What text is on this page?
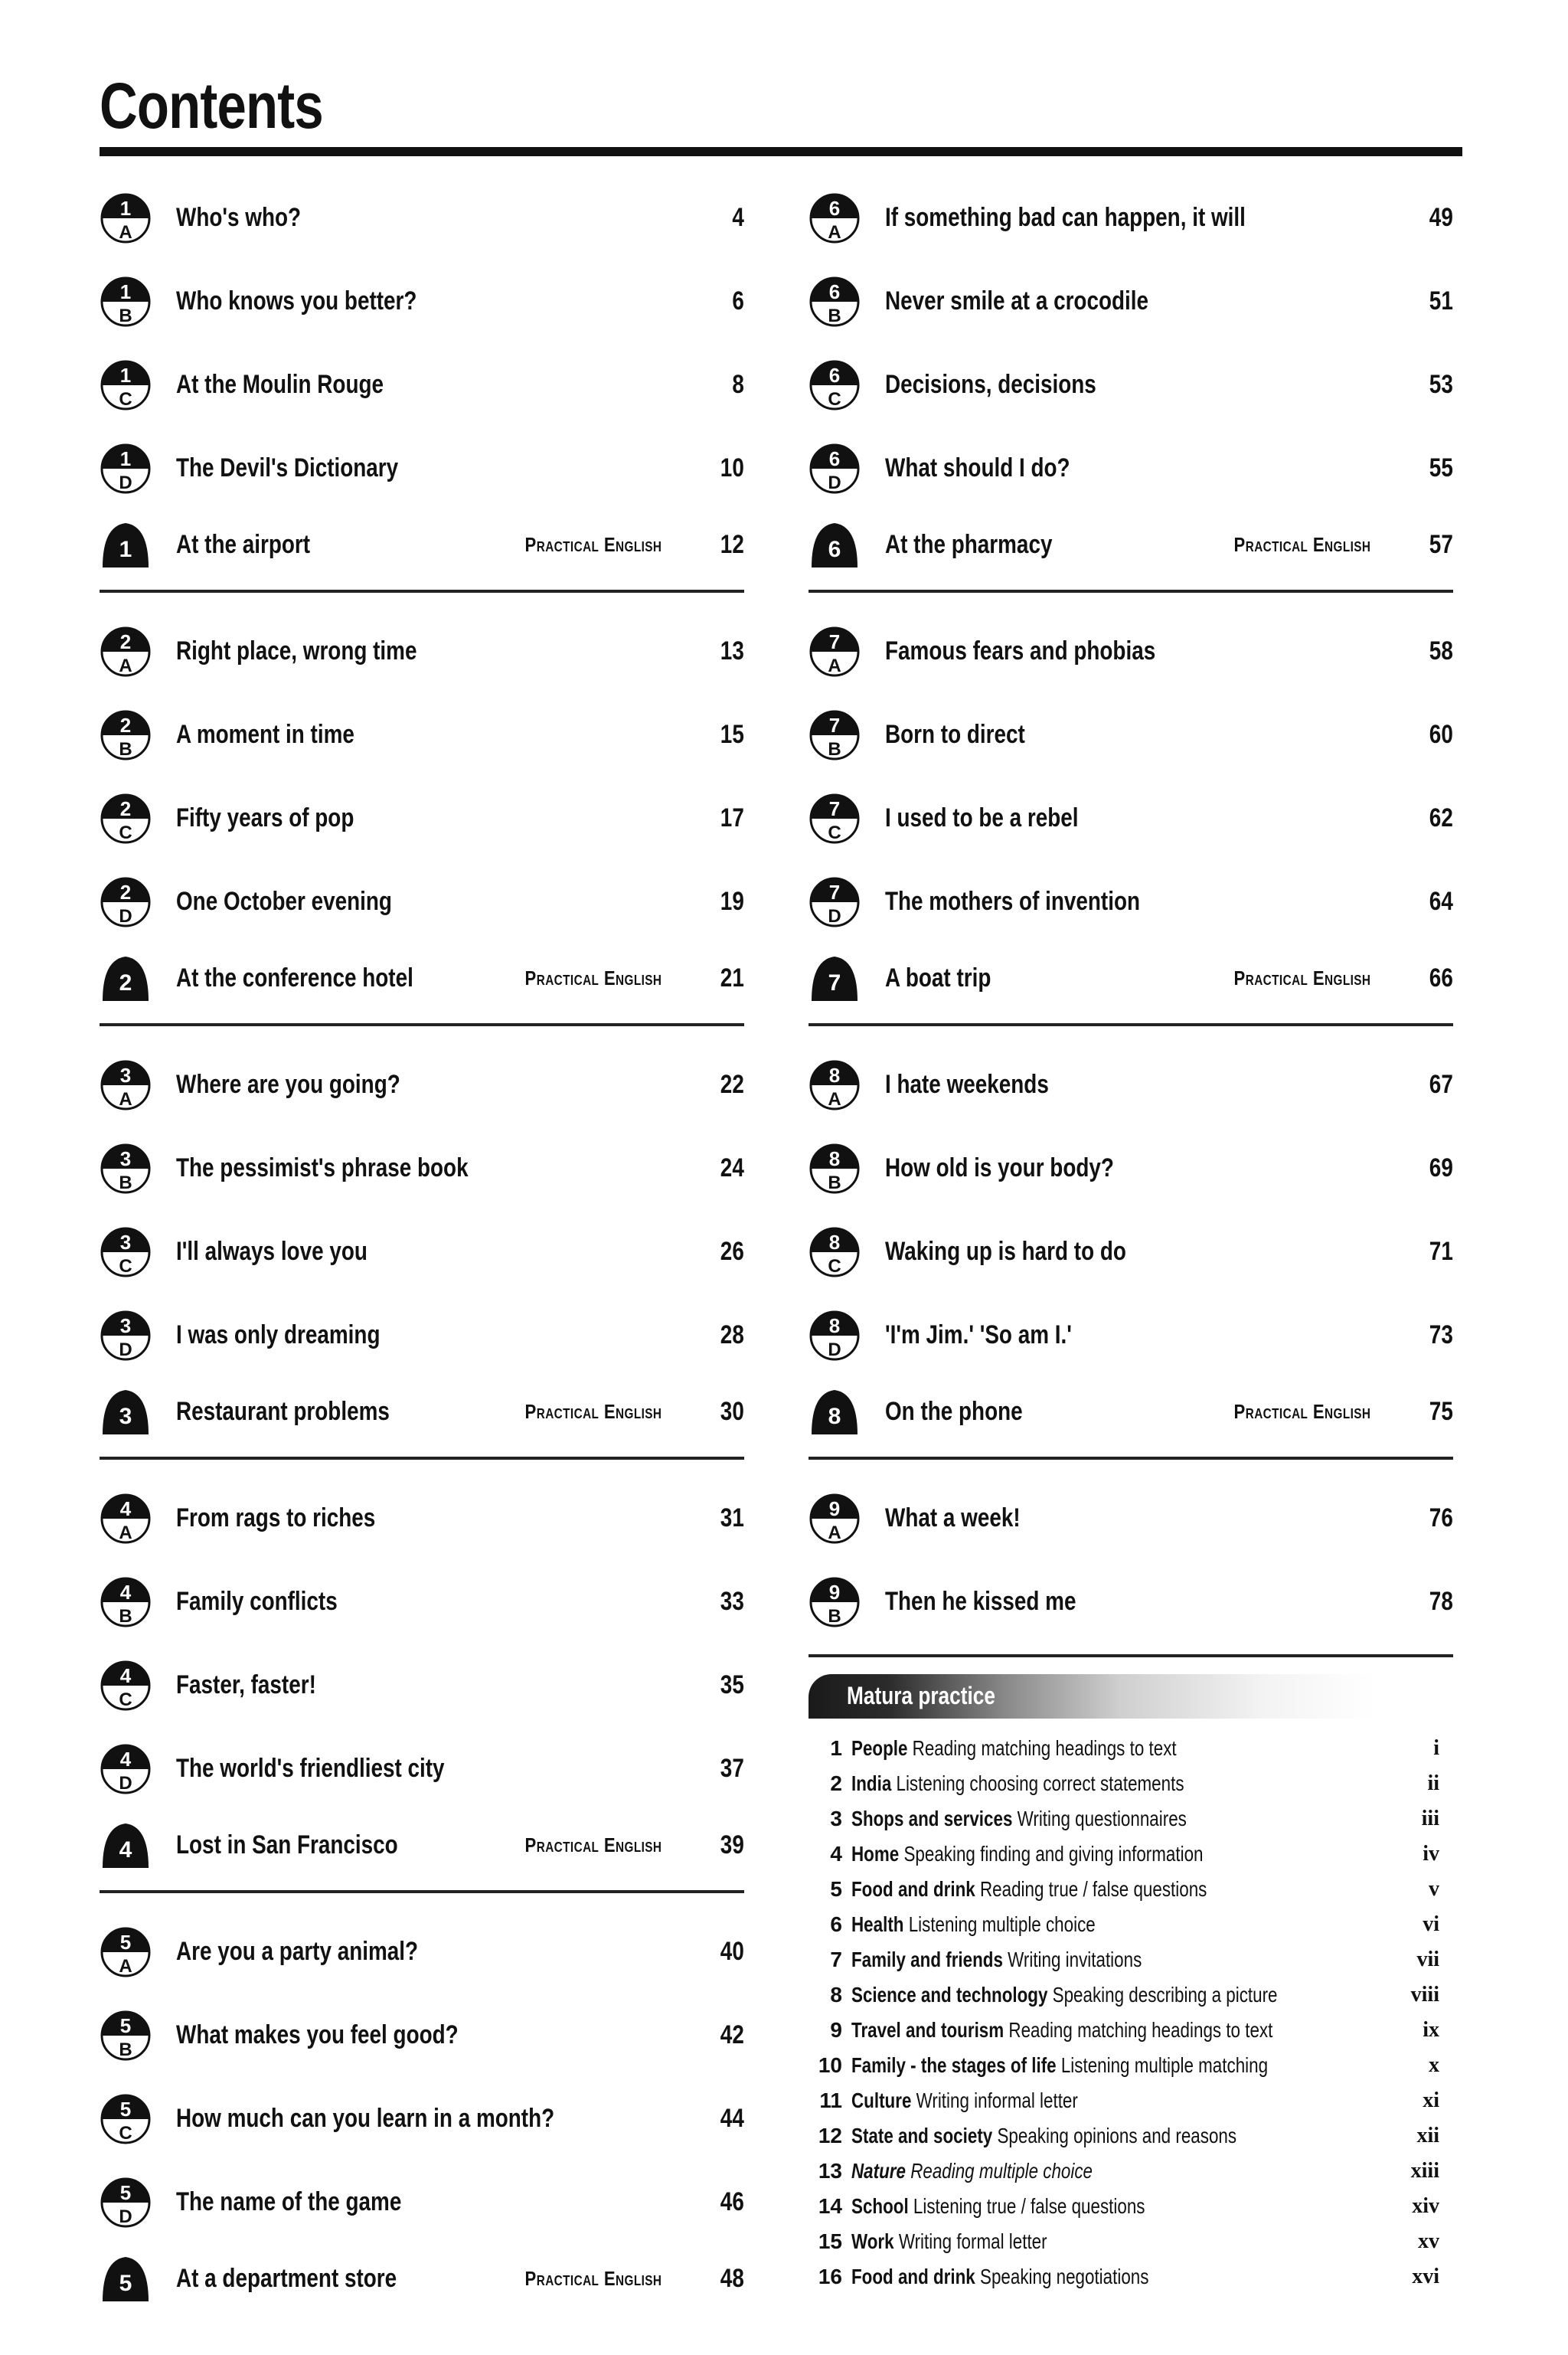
Contents
1
A Who's who?	4
1
B Who knows you better?	6
1
C At the Moulin Rouge	8
1
D The Devil's Dictionary	10
1 At the airport	Practical English 12
2
A Right place, wrong time	13
2
B A moment in time	15
2
C Fifty years of pop	17
2
D One October evening	19
2 At the conference hotel	Practical English 21
3
A Where are you going?	22
3
B The pessimist's phrase book	24
3
C I'll always love you	26
3
D I was only dreaming	28
3 Restaurant problems	Practical English 30
4
A From rags to riches	31
4
B Family conflicts	33
4
C Faster, faster!	35
4
D The world's friendliest city	37
4 Lost in San Francisco	Practical English 39
5
A Are you a party animal?	40
5
B What makes you feel good?	42
5
C How much can you learn in a month?	44
5
D The name of the game	46
5 At a department store	Practical English 48
6
A If something bad can happen, it will	49
6
B Never smile at a crocodile	51
6
C Decisions, decisions	53
6
D What should I do?	55
6 At the pharmacy	Practical English 57
7
A Famous fears and phobias	58
7
B Born to direct	60
7
C I used to be a rebel	62
7
D The mothers of invention	64
7 A boat trip	Practical English 66
8
A I hate weekends	67
8
B How old is your body?	69
8
C Waking up is hard to do	71
8
D 'I'm Jim.' 'So am I.'	73
8 On the phone	Practical English 75
9
A What a week!	76
9
B Then he kissed me	78
Matura practice
1 People Reading matching headings to text	i
2 India Listening choosing correct statements	ii
3 Shops and services Writing questionnaires	iii
4 Home Speaking finding and giving information	iv
5 Food and drink Reading true / false questions	v
6 Health Listening multiple choice	vi
7 Family and friends Writing invitations	vii
8 Science and technology Speaking describing a picture	viii
9 Travel and tourism Reading matching headings to text	ix
10 Family - the stages of life Listening multiple matching	x
11 Culture Writing informal letter	xi
12 State and society Speaking opinions and reasons	xii
13 Nature Reading multiple choice	xiii
14 School Listening true / false questions	xiv
15 Work Writing formal letter	xv
16 Food and drink Speaking negotiations	xvi
